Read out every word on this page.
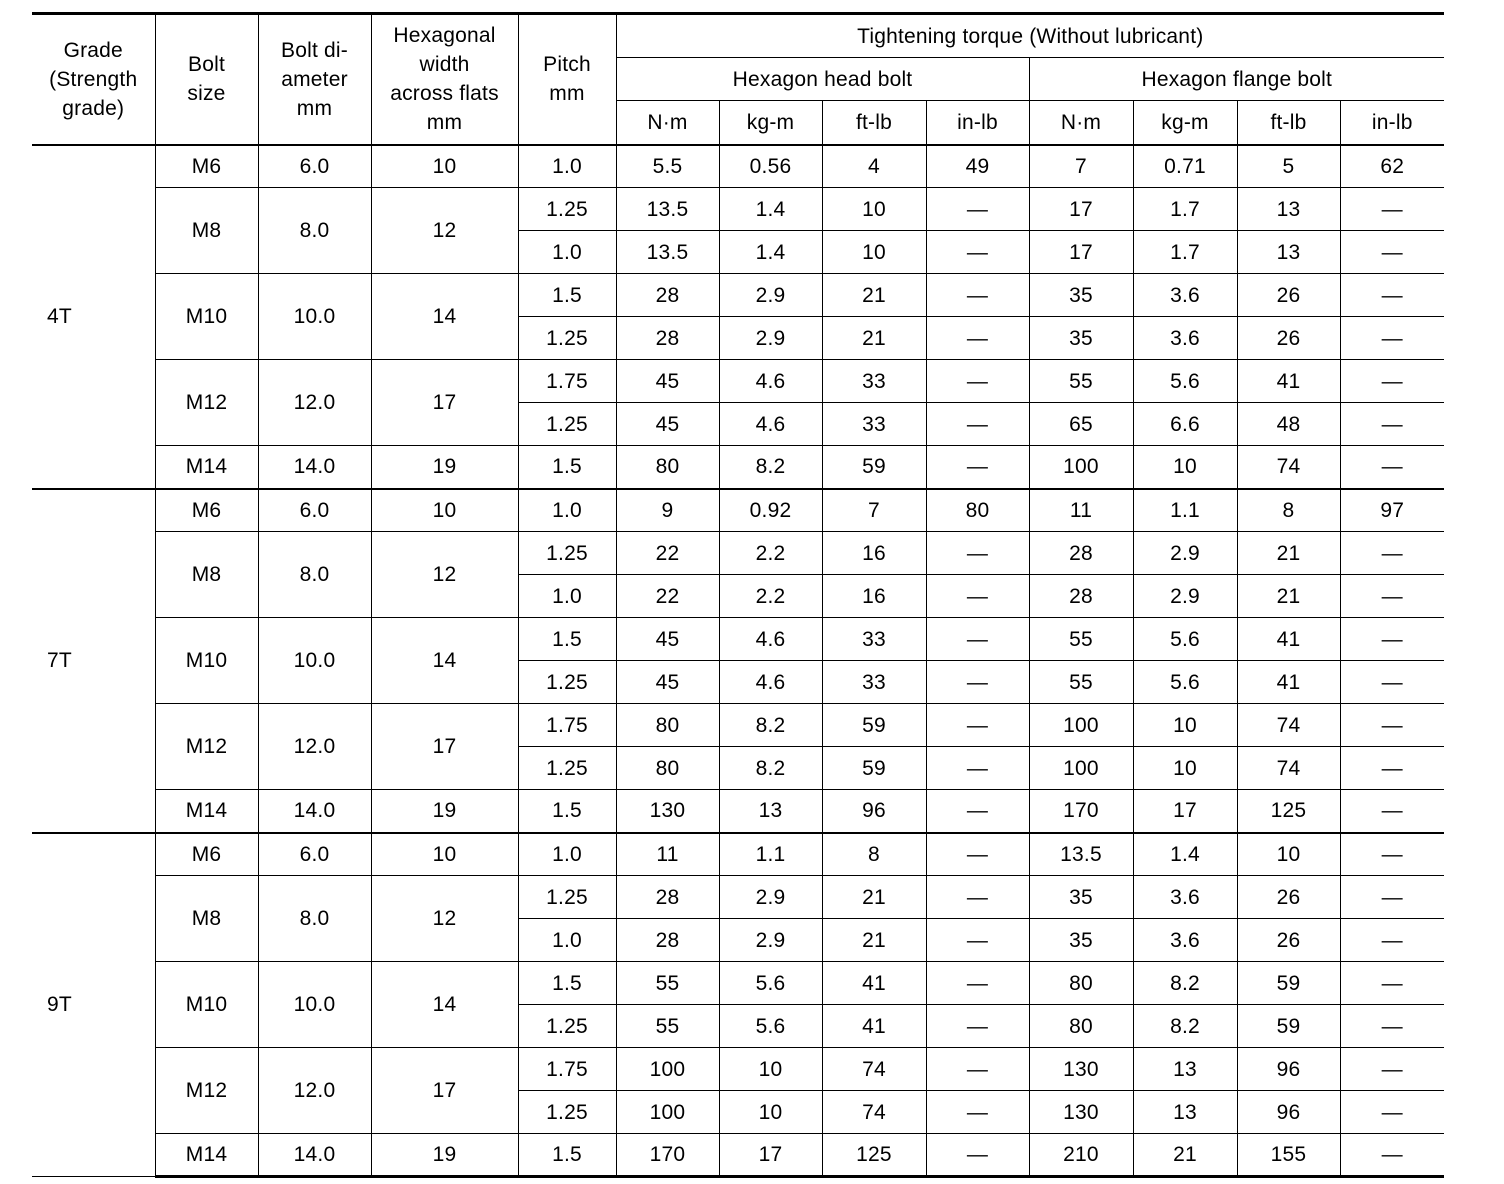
Grade
(Strength
grade)	Bolt
size	Bolt di-
ameter
mm	Hexagonal
width
across flats
mm	Pitch
mm	Tightening torque (Without lubricant)							
					Hexagon head bolt				Hexagon flange bolt			
					N·m	kg-m	ft-lb	in-lb	N·m	kg-m	ft-lb	in-lb
4T	M6	6.0	10	1.0	5.5	0.56	4	49	7	0.71	5	62
	M8	8.0	12	1.25	13.5	1.4	10	—	17	1.7	13	—
				1.0	13.5	1.4	10	—	17	1.7	13	—
	M10	10.0	14	1.5	28	2.9	21	—	35	3.6	26	—
				1.25	28	2.9	21	—	35	3.6	26	—
	M12	12.0	17	1.75	45	4.6	33	—	55	5.6	41	—
				1.25	45	4.6	33	—	65	6.6	48	—
	M14	14.0	19	1.5	80	8.2	59	—	100	10	74	—
7T	M6	6.0	10	1.0	9	0.92	7	80	11	1.1	8	97
	M8	8.0	12	1.25	22	2.2	16	—	28	2.9	21	—
				1.0	22	2.2	16	—	28	2.9	21	—
	M10	10.0	14	1.5	45	4.6	33	—	55	5.6	41	—
				1.25	45	4.6	33	—	55	5.6	41	—
	M12	12.0	17	1.75	80	8.2	59	—	100	10	74	—
				1.25	80	8.2	59	—	100	10	74	—
	M14	14.0	19	1.5	130	13	96	—	170	17	125	—
9T	M6	6.0	10	1.0	11	1.1	8	—	13.5	1.4	10	—
	M8	8.0	12	1.25	28	2.9	21	—	35	3.6	26	—
				1.0	28	2.9	21	—	35	3.6	26	—
	M10	10.0	14	1.5	55	5.6	41	—	80	8.2	59	—
				1.25	55	5.6	41	—	80	8.2	59	—
	M12	12.0	17	1.75	100	10	74	—	130	13	96	—
				1.25	100	10	74	—	130	13	96	—
	M14	14.0	19	1.5	170	17	125	—	210	21	155	—
